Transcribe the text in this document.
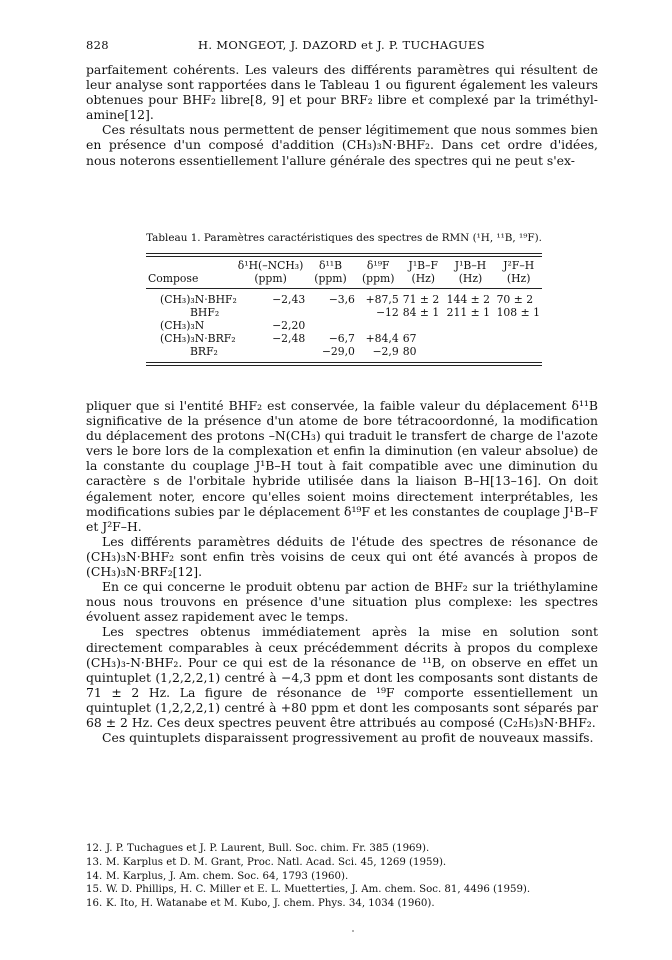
828	H. MONGEOT, J. DAZORD et J. P. TUCHAGUES

parfaitement cohérents. Les valeurs des différents paramètres qui résultent de leur analyse sont rapportées dans le Tableau 1 ou figurent également les valeurs obtenues pour BHF₂ libre[8, 9] et pour BRF₂ libre et complexé par la triméthyl-amine[12].

Ces résultats nous permettent de penser légitimement que nous sommes bien en présence d'un composé d'addition (CH₃)₃N·BHF₂. Dans cet ordre d'idées, nous noterons essentiellement l'allure générale des spectres qui ne peut s'ex-

Tableau 1. Paramètres caractéristiques des spectres de RMN (¹H, ¹¹B, ¹⁹F).
	δ¹H(–NCH₃)	δ¹¹B	δ¹⁹F	J¹B–F	J¹B–H	J²F–H
Compose	(ppm)	(ppm)	(ppm)	(Hz)	(Hz)	(Hz)
(CH₃)₃N·BHF₂	−2,43	−3,6	+87,5	71 ± 2	144 ± 2	70 ± 2
BHF₂			−12	84 ± 1	211 ± 1	108 ± 1
(CH₃)₃N	−2,20					
(CH₃)₃N·BRF₂	−2,48	−6,7	+84,4	67		
BRF₂		−29,0	−2,9	80		

pliquer que si l'entité BHF₂ est conservée, la faible valeur du déplacement δ¹¹B significative de la présence d'un atome de bore tétracoordonné, la modification du déplacement des protons –N(CH₃) qui traduit le transfert de charge de l'azote vers le bore lors de la complexation et enfin la diminution (en valeur absolue) de la constante du couplage J¹B–H tout à fait compatible avec une diminution du caractère s de l'orbitale hybride utilisée dans la liaison B–H[13–16]. On doit également noter, encore qu'elles soient moins directement interprétables, les modifications subies par le déplacement δ¹⁹F et les constantes de couplage J¹B–F et J²F–H.

Les différents paramètres déduits de l'étude des spectres de résonance de (CH₃)₃N·BHF₂ sont enfin très voisins de ceux qui ont été avancés à propos de (CH₃)₃N·BRF₂[12].

En ce qui concerne le produit obtenu par action de BHF₂ sur la triéthylamine nous nous trouvons en présence d'une situation plus complexe: les spectres évoluent assez rapidement avec le temps.

Les spectres obtenus immédiatement après la mise en solution sont directement comparables à ceux précédemment décrits à propos du complexe (CH₃)₃-N·BHF₂. Pour ce qui est de la résonance de ¹¹B, on observe en effet un quintuplet (1,2,2,2,1) centré à −4,3 ppm et dont les composants sont distants de 71 ± 2 Hz. La figure de résonance de ¹⁹F comporte essentiellement un quintuplet (1,2,2,2,1) centré à +80 ppm et dont les composants sont séparés par 68 ± 2 Hz. Ces deux spectres peuvent être attribués au composé (C₂H₅)₃N·BHF₂.

Ces quintuplets disparaissent progressivement au profit de nouveaux massifs.

12. J. P. Tuchagues et J. P. Laurent, Bull. Soc. chim. Fr. 385 (1969).
13. M. Karplus et D. M. Grant, Proc. Natl. Acad. Sci. 45, 1269 (1959).
14. M. Karplus, J. Am. chem. Soc. 64, 1793 (1960).
15. W. D. Phillips, H. C. Miller et E. L. Muetterties, J. Am. chem. Soc. 81, 4496 (1959).
16. K. Ito, H. Watanabe et M. Kubo, J. chem. Phys. 34, 1034 (1960).
